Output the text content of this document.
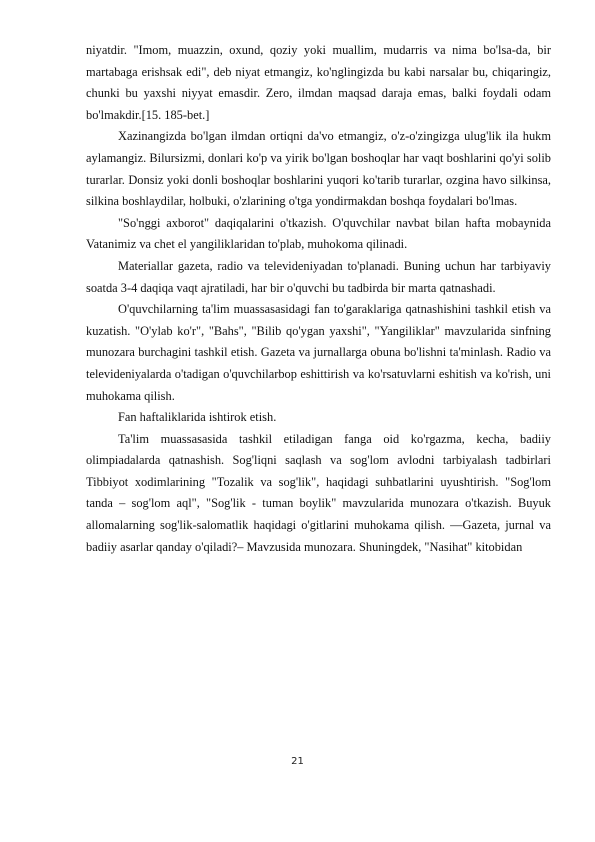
niyatdir. "Imom, muazzin, oxund, qoziy yoki muallim, mudarris va nima bo'lsa-da, bir martabaga erishsak edi", deb niyat etmangiz, ko'nglingizda bu kabi narsalar bu, chiqaringiz, chunki bu yaxshi niyyat emasdir. Zero, ilmdan maqsad daraja emas, balki foydali odam bo'lmakdir.[15. 185-bet.]

Xazinangizda bo'lgan ilmdan ortiqni da'vo etmangiz, o'z-o'zingizga ulug'lik ila hukm aylamangiz. Bilursizmi, donlari ko'p va yirik bo'lgan boshoqlar har vaqt boshlarini qo'yi solib turarlar. Donsiz yoki donli boshoqlar boshlarini yuqori ko'tarib turarlar, ozgina havo silkinsa, silkina boshlaydilar, holbuki, o'zlarining o'tga yondirmakdan boshqa foydalari bo'lmas.

"So'nggi axborot" daqiqalarini o'tkazish. O'quvchilar navbat bilan hafta mobaynida Vatanimiz va chet el yangiliklaridan to'plab, muhokoma qilinadi.

Materiallar gazeta, radio va televideniyadan to'planadi. Buning uchun har tarbiyaviy soatda 3-4 daqiqa vaqt ajratiladi, har bir o'quvchi bu tadbirda bir marta qatnashadi.

O'quvchilarning ta'lim muassasasidagi fan to'garaklariga qatnashishini tashkil etish va kuzatish. "O'ylab ko'r", "Bahs", "Bilib qo'ygan yaxshi", "Yangiliklar" mavzularida sinfning munozara burchagini tashkil etish. Gazeta va jurnallarga obuna bo'lishni ta'minlash. Radio va televideniyalarda o'tadigan o'quvchilarbop eshittirish va ko'rsatuvlarni eshitish va ko'rish, uni muhokama qilish.

Fan haftaliklarida ishtirok etish.

Ta'lim muassasasida tashkil etiladigan fanga oid ko'rgazma, kecha, badiiy olimpiadalarda qatnashish. Sog'liqni saqlash va sog'lom avlodni tarbiyalash tadbirlari Tibbiyot xodimlarining "Tozalik va sog'lik", haqidagi suhbatlarini uyushtirish. "Sog'lom tanda – sog'lom aql", "Sog'lik - tuman boylik" mavzularida munozara o'tkazish. Buyuk allomalarning sog'lik-salomatlik haqidagi o'gitlarini muhokama qilish. —Gazeta, jurnal va badiiy asarlar qanday o'qiladi?– Mavzusida munozara. Shuningdek, "Nasihat" kitobidan

21
